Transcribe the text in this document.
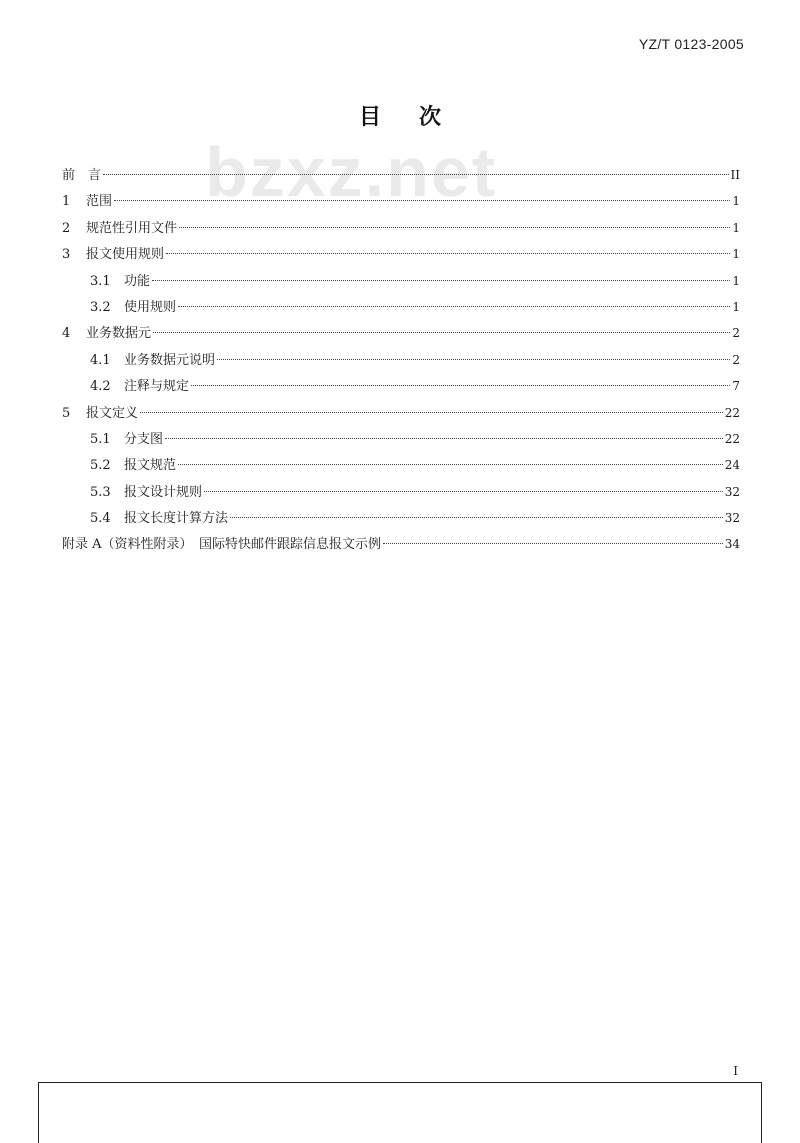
YZ/T 0123-2005
bzxz.net
目次
前　言	II
1	范围	1
2	规范性引用文件	1
3	报文使用规则	1
3.1	功能	1
3.2	使用规则	1
4	业务数据元	2
4.1	业务数据元说明	2
4.2	注释与规定	7
5	报文定义	22
5.1	分支图	22
5.2	报文规范	24
5.3	报文设计规则	32
5.4	报文长度计算方法	32
附录 A（资料性附录）　国际特快邮件跟踪信息报文示例	34
I
